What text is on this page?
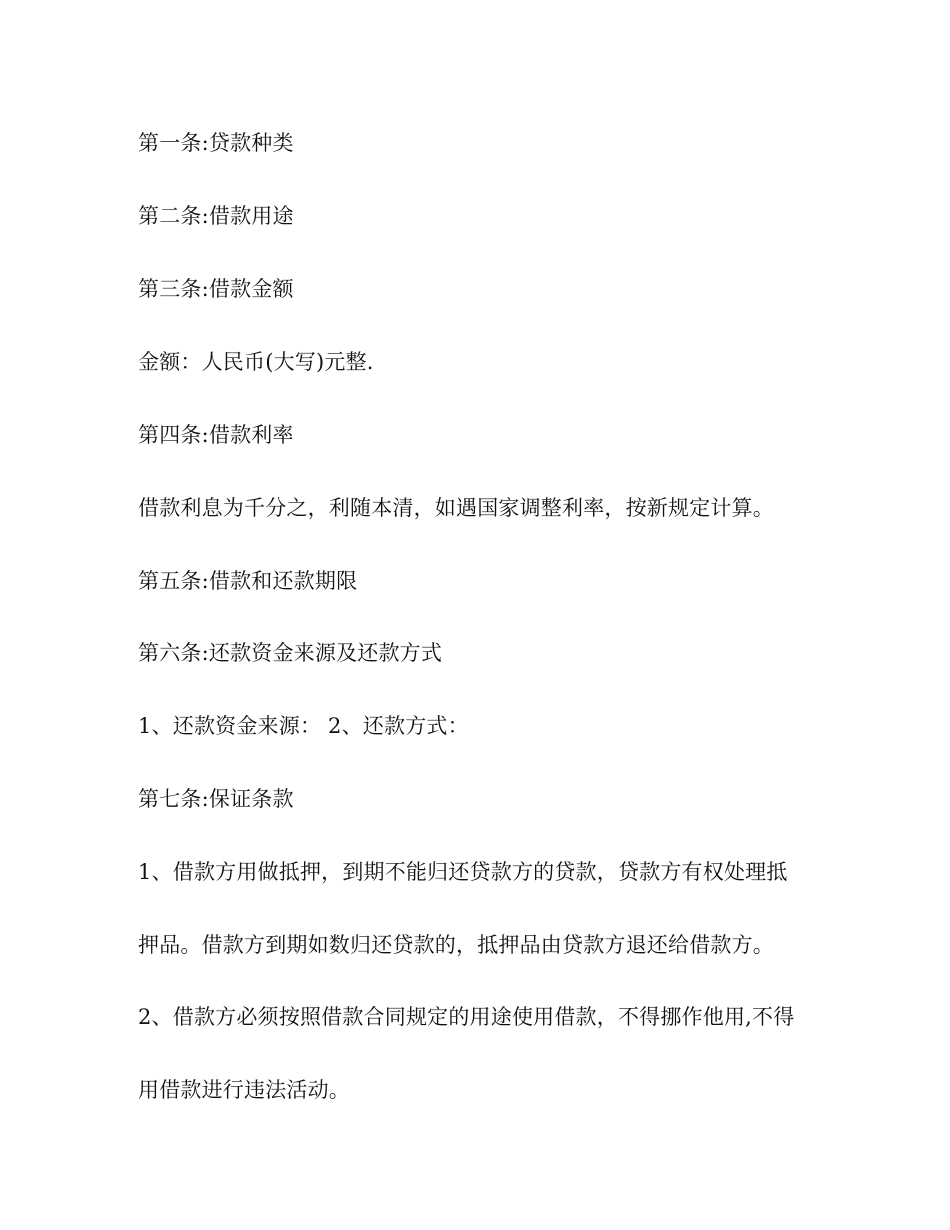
第一条:贷款种类
第二条:借款用途
第三条:借款金额
金额：人民币(大写)元整.
第四条:借款利率
借款利息为千分之，利随本清，如遇国家调整利率，按新规定计算。
第五条:借款和还款期限
第六条:还款资金来源及还款方式
1、还款资金来源： 2、还款方式：
第七条:保证条款
1、借款方用做抵押，到期不能归还贷款方的贷款，贷款方有权处理抵
押品。借款方到期如数归还贷款的，抵押品由贷款方退还给借款方。
2、借款方必须按照借款合同规定的用途使用借款，不得挪作他用,不得
用借款进行违法活动。
